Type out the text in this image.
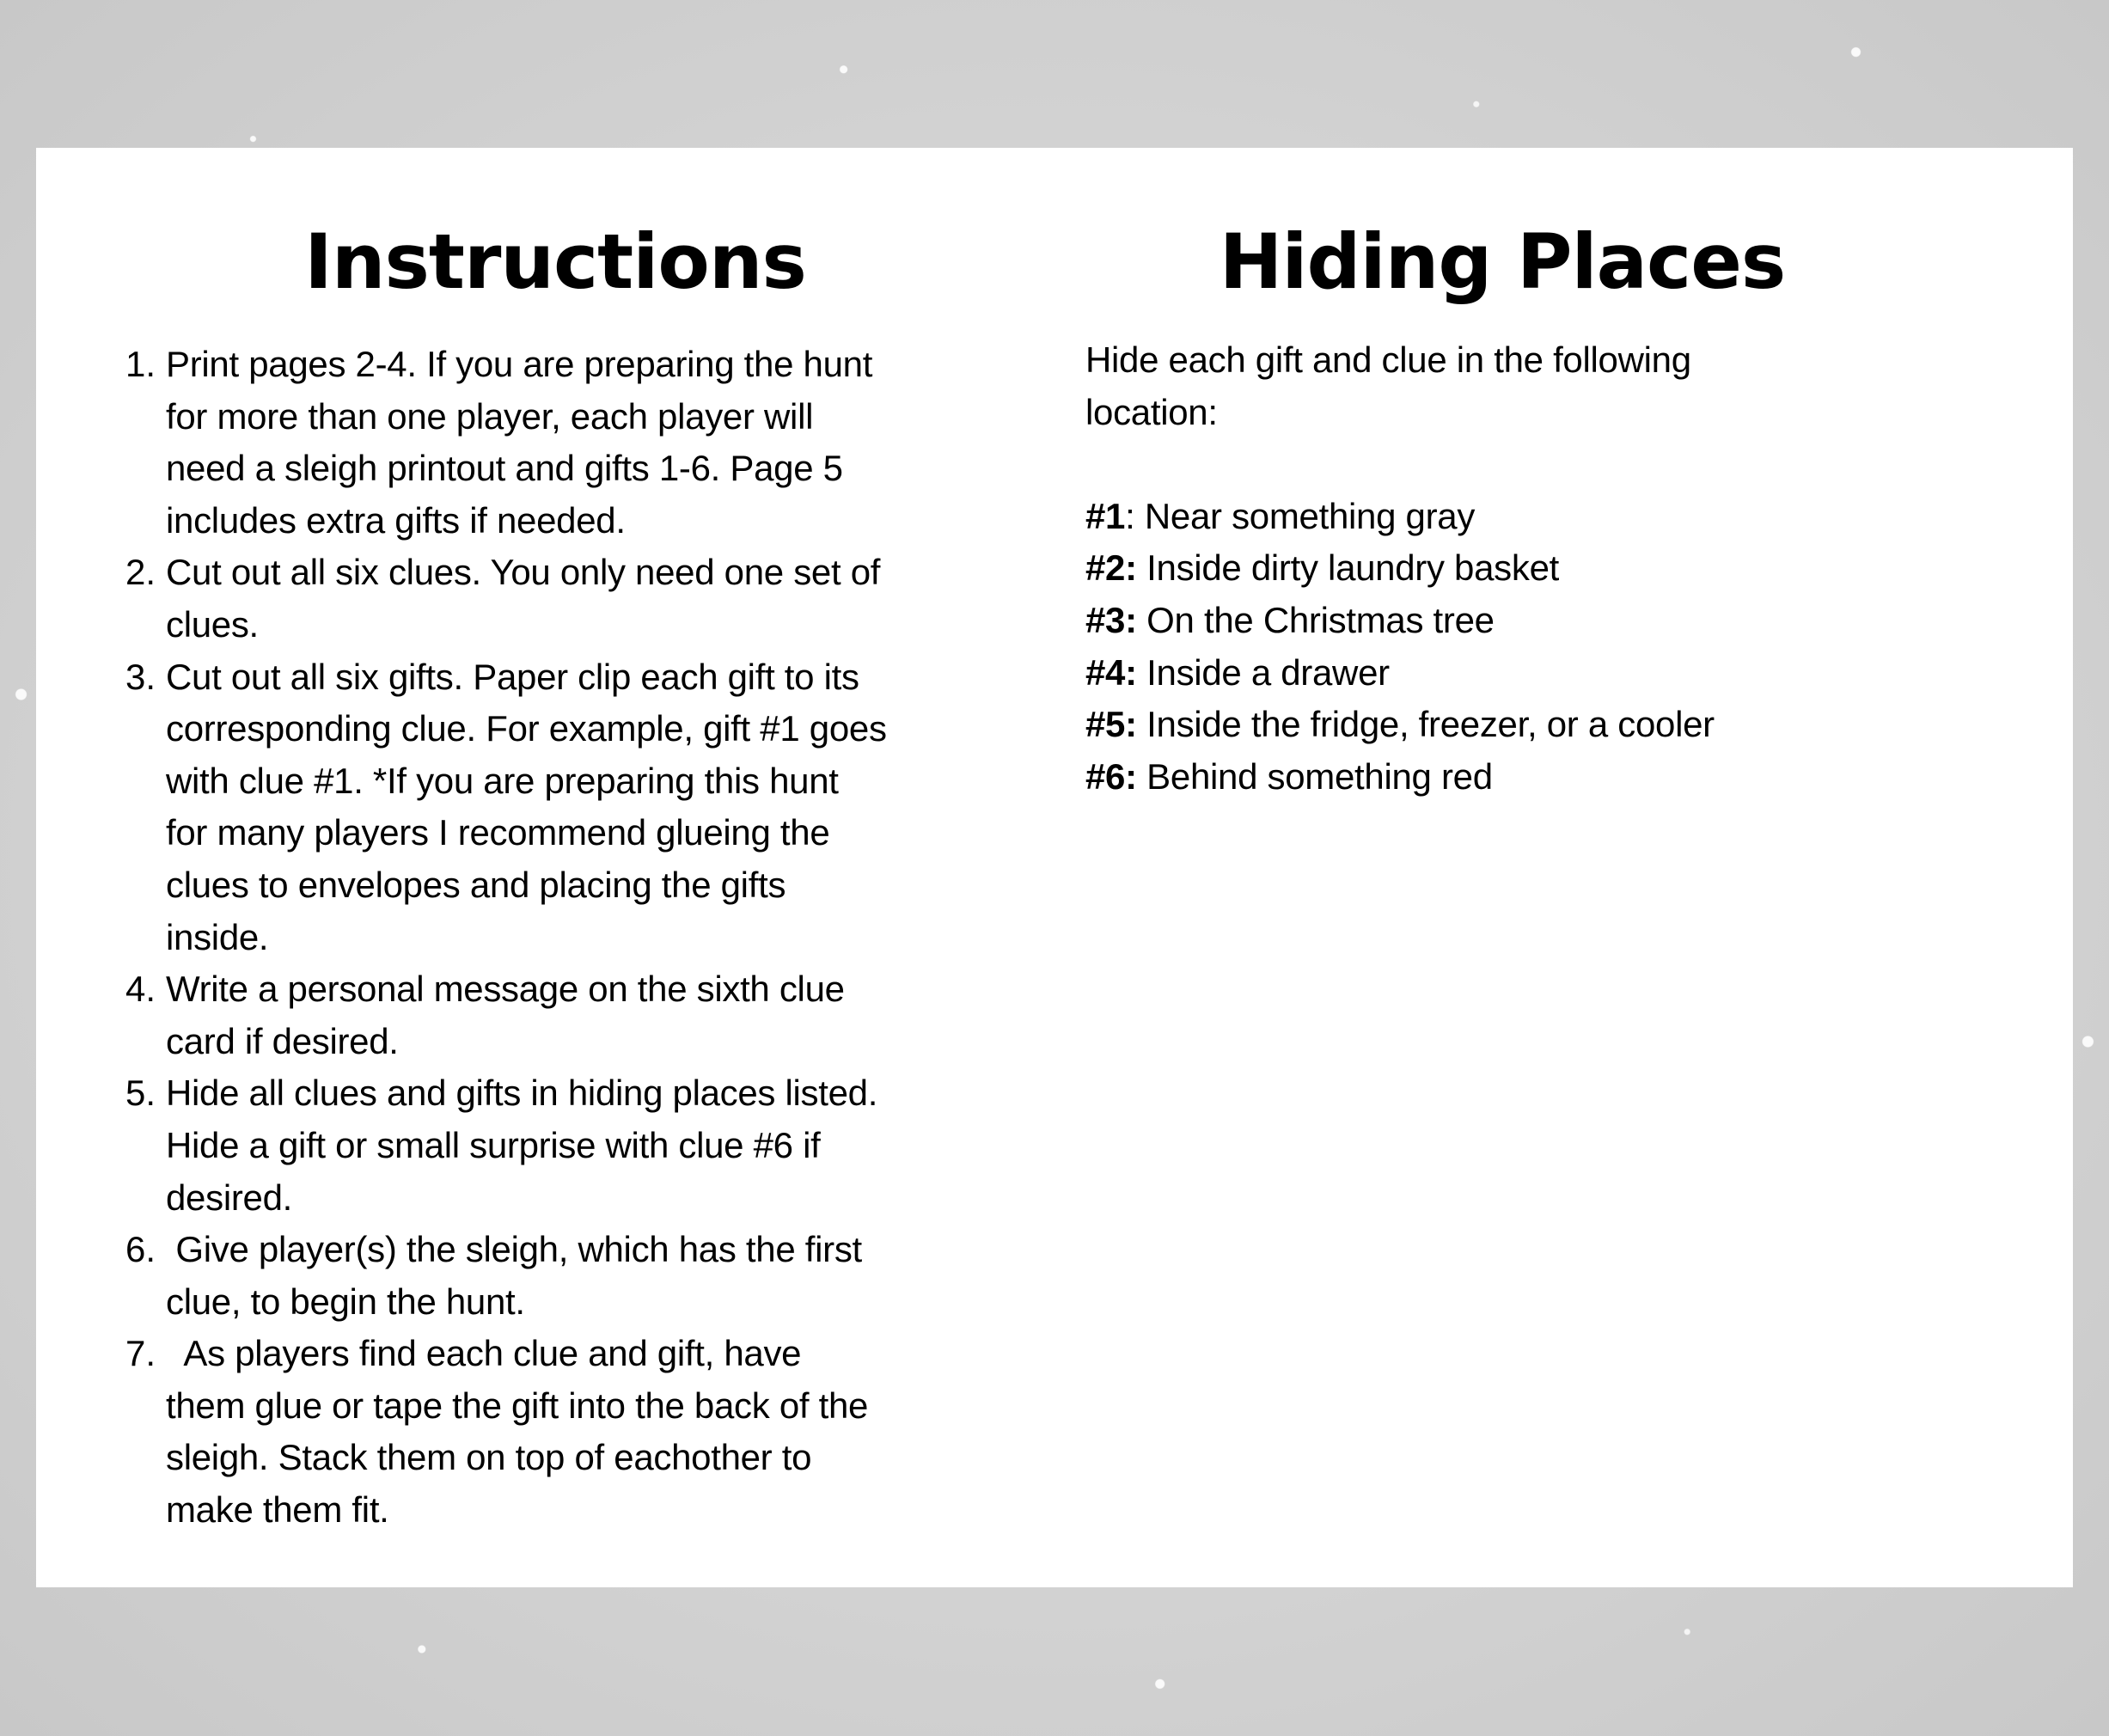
Instructions	Hiding Places
1. Print pages 2-4. If you are preparing the hunt
for more than one player, each player will
need a sleigh printout and gifts 1-6. Page 5
includes extra gifts if needed.
2. Cut out all six clues. You only need one set of
clues.
3. Cut out all six gifts. Paper clip each gift to its
corresponding clue. For example, gift #1 goes
with clue #1. *If you are preparing this hunt
for many players I recommend glueing the
clues to envelopes and placing the gifts
inside.
4. Write a personal message on the sixth clue
card if desired.
5. Hide all clues and gifts in hiding places listed.
Hide a gift or small surprise with clue #6 if
desired.
6. Give player(s) the sleigh, which has the first
clue, to begin the hunt.
7. As players find each clue and gift, have
them glue or tape the gift into the back of the
sleigh. Stack them on top of eachother to
make them fit.
Hide each gift and clue in the following
location:
#1: Near something gray
#2: Inside dirty laundry basket
#3: On the Christmas tree
#4: Inside a drawer
#5: Inside the fridge, freezer, or a cooler
#6: Behind something red
